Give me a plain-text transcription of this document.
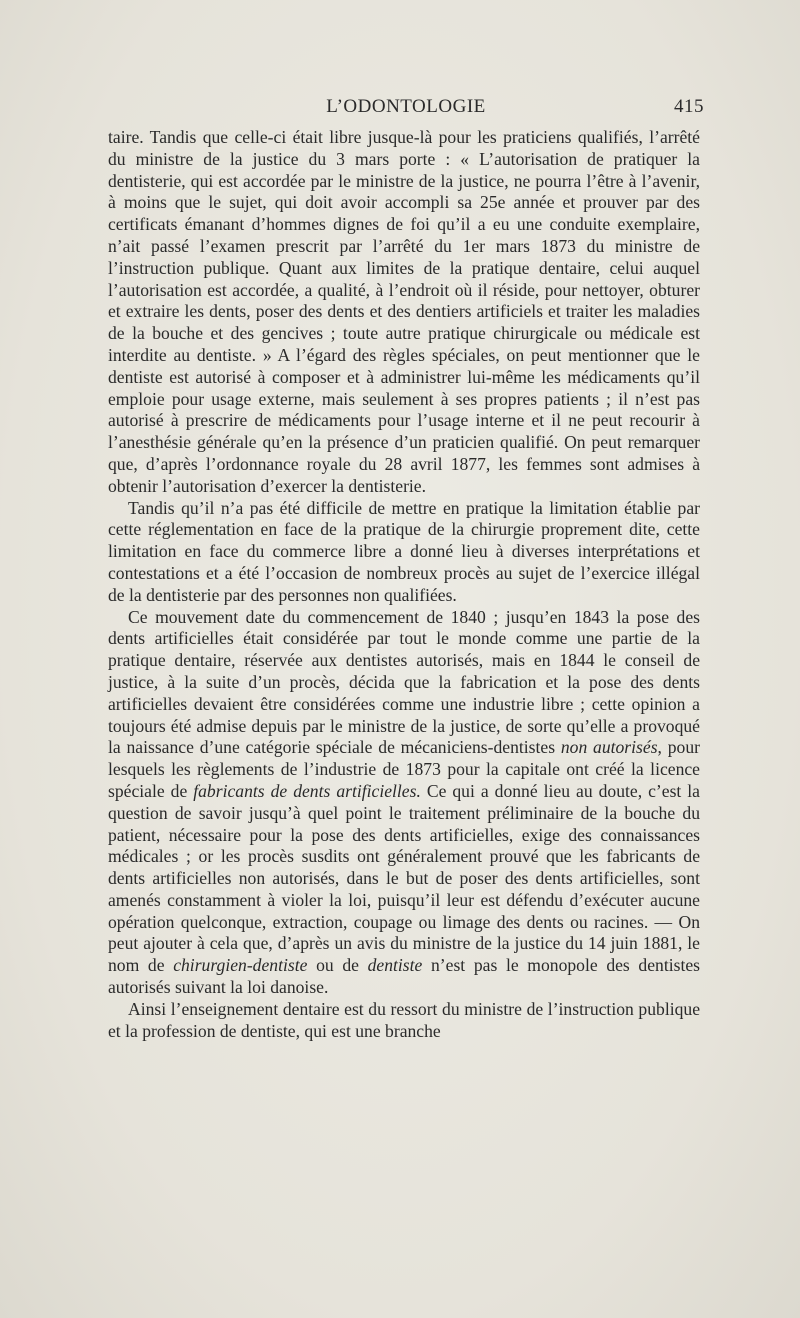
L’ODONTOLOGIE	415

taire. Tandis que celle-ci était libre jusque-là pour les praticiens qualifiés, l’arrêté du ministre de la justice du 3 mars porte : « L’autorisation de pratiquer la dentisterie, qui est accordée par le ministre de la justice, ne pourra l’être à l’avenir, à moins que le sujet, qui doit avoir accompli sa 25e année et prouver par des certificats émanant d’hommes dignes de foi qu’il a eu une conduite exemplaire, n’ait passé l’examen prescrit par l’arrêté du 1er mars 1873 du ministre de l’instruction publique. Quant aux limites de la pratique dentaire, celui auquel l’autorisation est accordée, a qualité, à l’endroit où il réside, pour nettoyer, obturer et extraire les dents, poser des dents et des dentiers artificiels et traiter les maladies de la bouche et des gencives ; toute autre pratique chirurgicale ou médicale est interdite au dentiste. » A l’égard des règles spéciales, on peut mentionner que le dentiste est autorisé à composer et à administrer lui-même les médicaments qu’il emploie pour usage externe, mais seulement à ses propres patients ; il n’est pas autorisé à prescrire de médicaments pour l’usage interne et il ne peut recourir à l’anesthésie générale qu’en la présence d’un praticien qualifié. On peut remarquer que, d’après l’ordonnance royale du 28 avril 1877, les femmes sont admises à obtenir l’autorisation d’exercer la dentisterie.

Tandis qu’il n’a pas été difficile de mettre en pratique la limitation établie par cette réglementation en face de la pratique de la chirurgie proprement dite, cette limitation en face du commerce libre a donné lieu à diverses interprétations et contestations et a été l’occasion de nombreux procès au sujet de l’exercice illégal de la dentisterie par des personnes non qualifiées.

Ce mouvement date du commencement de 1840 ; jusqu’en 1843 la pose des dents artificielles était considérée par tout le monde comme une partie de la pratique dentaire, réservée aux dentistes autorisés, mais en 1844 le conseil de justice, à la suite d’un procès, décida que la fabrication et la pose des dents artificielles devaient être considérées comme une industrie libre ; cette opinion a toujours été admise depuis par le ministre de la justice, de sorte qu’elle a provoqué la naissance d’une catégorie spéciale de mécaniciens-dentistes non autorisés, pour lesquels les règlements de l’industrie de 1873 pour la capitale ont créé la licence spéciale de fabricants de dents artificielles. Ce qui a donné lieu au doute, c’est la question de savoir jusqu’à quel point le traitement préliminaire de la bouche du patient, nécessaire pour la pose des dents artificielles, exige des connaissances médicales ; or les procès susdits ont généralement prouvé que les fabricants de dents artificielles non autorisés, dans le but de poser des dents artificielles, sont amenés constamment à violer la loi, puisqu’il leur est défendu d’exécuter aucune opération quelconque, extraction, coupage ou limage des dents ou racines. — On peut ajouter à cela que, d’après un avis du ministre de la justice du 14 juin 1881, le nom de chirurgien-dentiste ou de dentiste n’est pas le monopole des dentistes autorisés suivant la loi danoise.

Ainsi l’enseignement dentaire est du ressort du ministre de l’instruction publique et la profession de dentiste, qui est une branche
